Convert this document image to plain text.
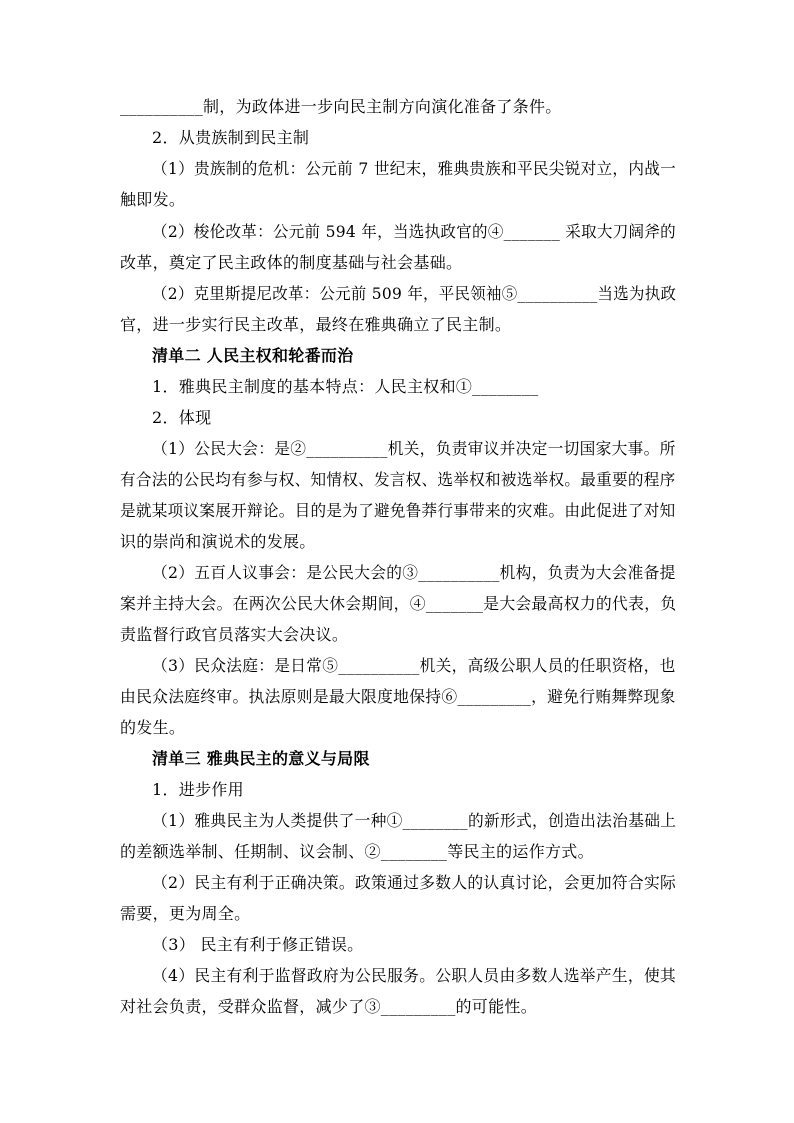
__________制，为政体进一步向民主制方向演化准备了条件。
2．从贵族制到民主制
（1）贵族制的危机：公元前 7 世纪末，雅典贵族和平民尖锐对立，内战一
触即发。
（2）梭伦改革：公元前 594 年，当选执政官的④_______ 采取大刀阔斧的
改革，奠定了民主政体的制度基础与社会基础。
（2）克里斯提尼改革：公元前 509 年，平民领袖⑤__________当选为执政
官，进一步实行民主改革，最终在雅典确立了民主制。
清单二 人民主权和轮番而治
1．雅典民主制度的基本特点：人民主权和①________
2．体现
（1）公民大会：是②__________机关，负责审议并决定一切国家大事。所
有合法的公民均有参与权、知情权、发言权、选举权和被选举权。最重要的程序
是就某项议案展开辩论。目的是为了避免鲁莽行事带来的灾难。由此促进了对知
识的崇尚和演说术的发展。
（2）五百人议事会：是公民大会的③__________机构，负责为大会准备提
案并主持大会。在两次公民大休会期间，④_______是大会最高权力的代表，负
责监督行政官员落实大会决议。
（3）民众法庭：是日常⑤__________机关，高级公职人员的任职资格，也
由民众法庭终审。执法原则是最大限度地保持⑥_________，避免行贿舞弊现象
的发生。
清单三 雅典民主的意义与局限
1．进步作用
（1）雅典民主为人类提供了一种①________的新形式，创造出法治基础上
的差额选举制、任期制、议会制、②________等民主的运作方式。
（2）民主有利于正确决策。政策通过多数人的认真讨论，会更加符合实际
需要，更为周全。
（3） 民主有利于修正错误。
（4）民主有利于监督政府为公民服务。公职人员由多数人选举产生，使其
对社会负责，受群众监督，减少了③_________的可能性。
